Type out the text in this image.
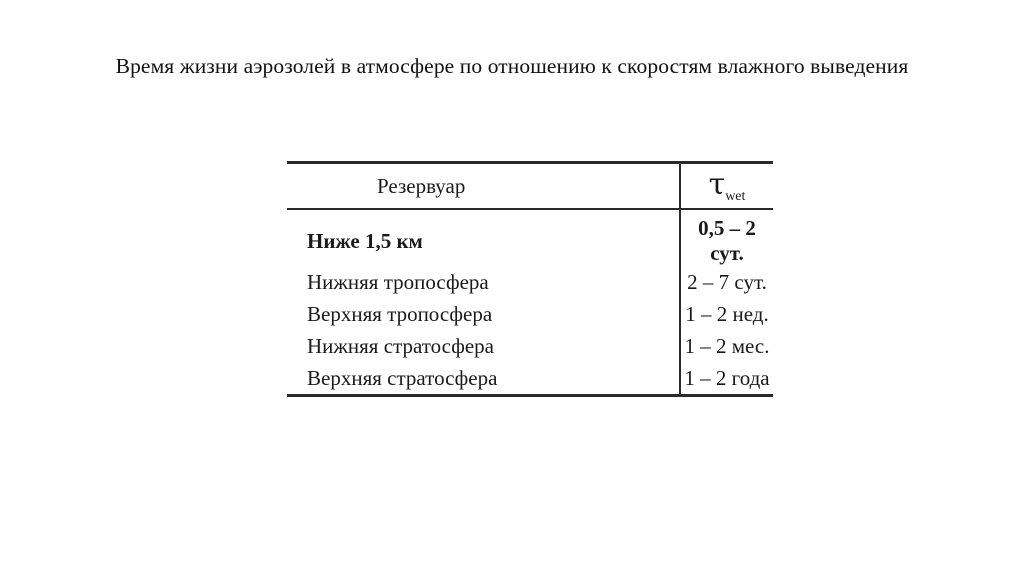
Время жизни аэрозолей в атмосфере по отношению к скоростям влажного выведения
Резервуар	$\tau_{wet}$
Ниже 1,5 км	0,5 – 2 сут.
Нижняя тропосфера	2 – 7 сут.
Верхняя тропосфера	1 – 2 нед.
Нижняя стратосфера	1 – 2 мес.
Верхняя стратосфера	1 – 2 года
